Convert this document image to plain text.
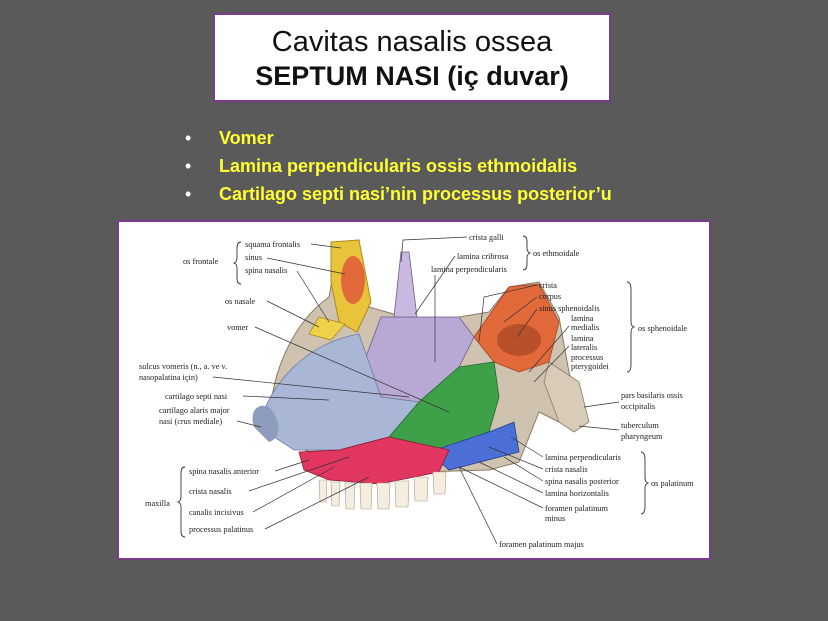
Cavitas nasalis ossea
SEPTUM NASI (iç duvar)
• Vomer
• Lamina perpendicularis ossis ethmoidalis
• Cartilago septi nasi’nin processus posterior’u
os frontale
squama frontalis
sinus
spina nasalis
os nasale
vomer
sulcus vomeris (n., a. ve v.
nasopalatina için)
cartilago septi nasi
cartilago alaris major
nasi (crus mediale)
spina nasalis anterior
crista nasalis
maxilla
canalis incisivus
processus palatinus
crista galli
lamina cribrosa
lamina perpendicularis
os ethmoidale
crista
corpus
sinus sphenoidalis
lamina
medialis
lamina
lateralis
processus
pterygoidei
os sphenoidale
pars basilaris ossis
occipitalis
tuberculum
pharyngeum
lamina perpendicularis
crista nasalis
spina nasalis posterior
lamina horizontalis
foramen palatinum
minus
os palatinum
foramen palatinum majus
